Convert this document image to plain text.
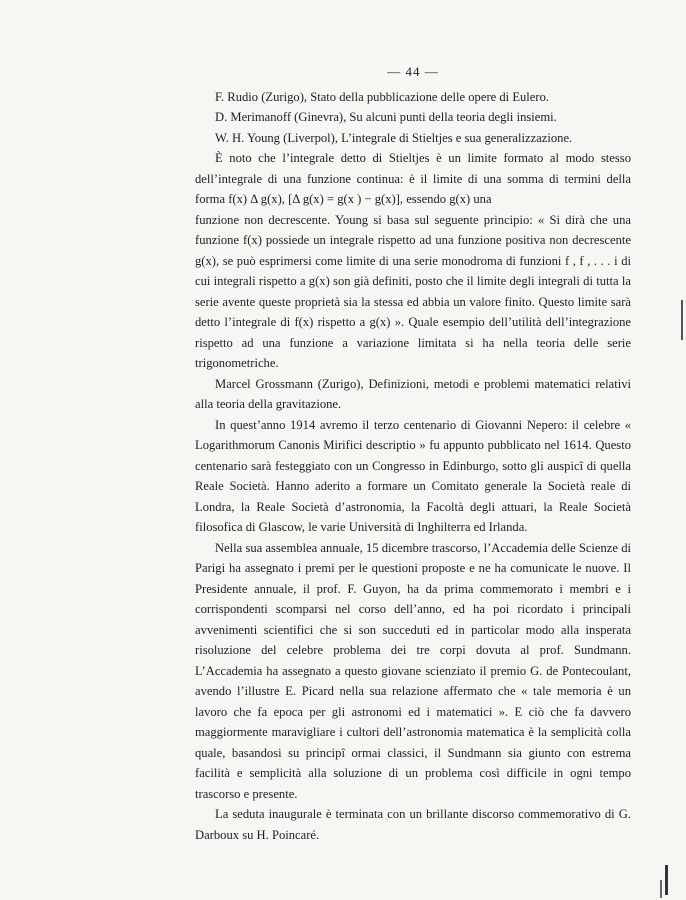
— 44 —

F. Rudio (Zurigo), Stato della pubblicazione delle opere di Eulero.

D. Merimanoff (Ginevra), Su alcuni punti della teoria degli insiemi.

W. H. Young (Liverpol), L’integrale di Stieltjes e sua generalizzazione.

È noto che l’integrale detto di Stieltjes è un limite formato al modo stesso dell’integrale di una funzione continua: è il limite di una somma di termini della forma f(x) Δ g(x), [Δ g(x) = g(x ) − g(x)], essendo g(x) una

funzione non decrescente. Young si basa sul seguente principio: « Si dirà che una funzione f(x) possiede un integrale rispetto ad una funzione positiva non decrescente g(x), se può esprimersi come limite di una serie monodroma di funzioni f , f , . . . i di cui integrali rispetto a g(x) son già definiti, posto che il limite degli integrali di tutta la serie avente queste proprietà sia la stessa ed abbia un valore finito. Questo limite sarà detto l’integrale di f(x) rispetto a g(x) ». Quale esempio dell’utilità dell’integrazione rispetto ad una funzione a variazione limitata si ha nella teoria delle serie trigonometriche.

Marcel Grossmann (Zurigo), Definizioni, metodi e problemi matematici relativi alla teoria della gravitazione.

In quest’anno 1914 avremo il terzo centenario di Giovanni Nepero: il celebre « Logarithmorum Canonis Mirifici descriptio » fu appunto pubblicato nel 1614. Questo centenario sarà festeggiato con un Congresso in Edinburgo, sotto gli auspicî di quella Reale Società. Hanno aderito a formare un Comitato generale la Società reale di Londra, la Reale Società d’astronomia, la Facoltà degli attuari, la Reale Società filosofica di Glascow, le varie Università di Inghilterra ed Irlanda.

Nella sua assemblea annuale, 15 dicembre trascorso, l’Accademia delle Scienze di Parigi ha assegnato i premi per le questioni proposte e ne ha comunicate le nuove. Il Presidente annuale, il prof. F. Guyon, ha da prima commemorato i membri e i corrispondenti scomparsi nel corso dell’anno, ed ha poi ricordato i principali avvenimenti scientifici che si son succeduti ed in particolar modo alla insperata risoluzione del celebre problema dei tre corpi dovuta al prof. Sundmann. L’Accademia ha assegnato a questo giovane scienziato il premio G. de Pontecoulant, avendo l’illustre E. Picard nella sua relazione affermato che « tale memoria è un lavoro che fa epoca per gli astronomi ed i matematici ». E ciò che fa davvero maggiormente maravigliare i cultori dell’astronomia matematica è la semplicità colla quale, basandosi su principî ormai classici, il Sundmann sia giunto con estrema facilità e semplicità alla soluzione di un problema così difficile in ogni tempo trascorso e presente.

La seduta inaugurale è terminata con un brillante discorso commemorativo di G. Darboux su H. Poincaré.
